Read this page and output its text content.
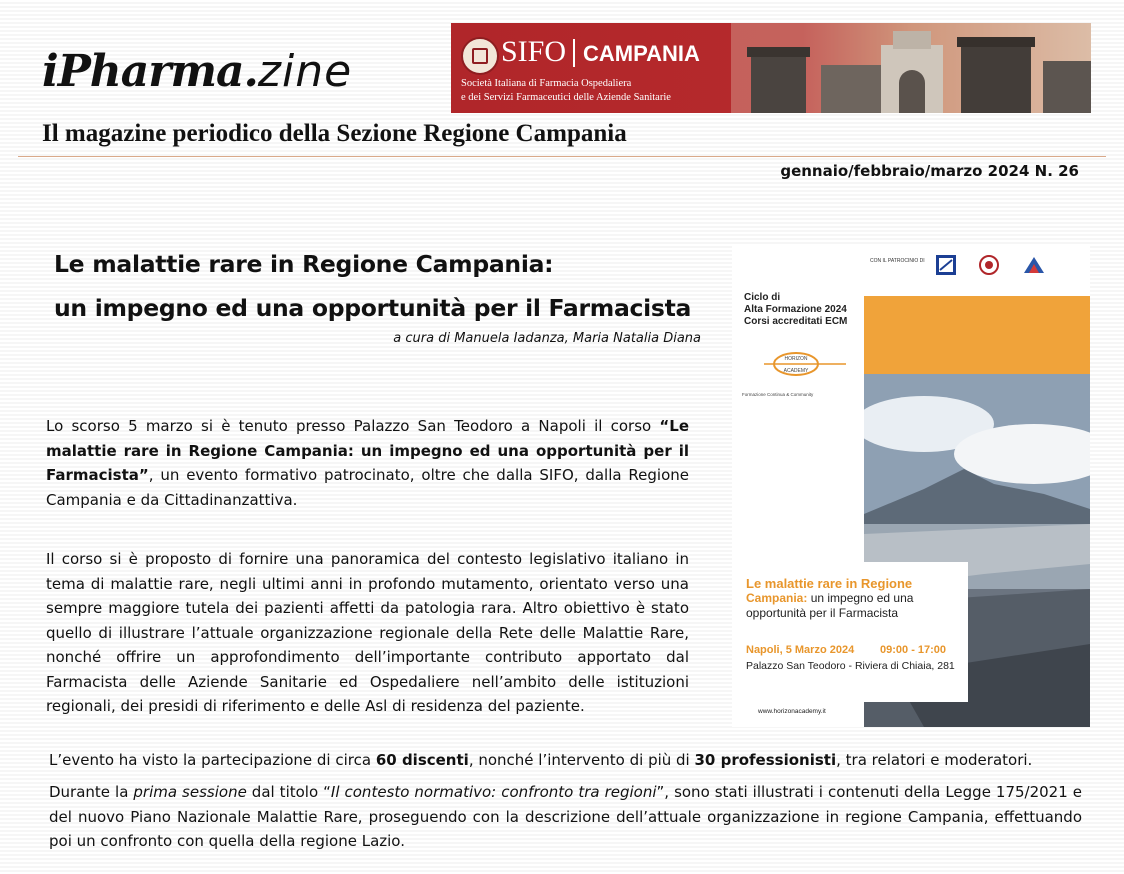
iPharma.zine	SIFO CAMPANIA
Società Italiana di Farmacia Ospedaliera
e dei Servizi Farmaceutici delle Aziende Sanitarie
Il magazine periodico della Sezione Regione Campania
gennaio/febbraio/marzo 2024 N. 26
Le malattie rare in Regione Campania:
un impegno ed una opportunità per il Farmacista
a cura di Manuela Iadanza, Maria Natalia Diana

Lo scorso 5 marzo si è tenuto presso Palazzo San Teodoro a Napoli il corso “Le malattie rare in Regione Campania: un impegno ed una opportunità per il Farmacista”, un evento formativo patrocinato, oltre che dalla SIFO, dalla Regione Campania e da Cittadinanzattiva.

Il corso si è proposto di fornire una panoramica del contesto legislativo italiano in tema di malattie rare, negli ultimi anni in profondo mutamento, orientato verso una sempre maggiore tutela dei pazienti affetti da patologia rara. Altro obiettivo è stato quello di illustrare l’attuale organizzazione regionale della Rete delle Malattie Rare, nonché offrire un approfondimento dell’importante contributo apportato dal Farmacista delle Aziende Sanitarie ed Ospedaliere nell’ambito delle istituzioni regionali, dei presidi di riferimento e delle Asl di residenza del paziente.

L’evento ha visto la partecipazione di circa 60 discenti, nonché l’intervento di più di 30 professionisti, tra relatori e moderatori.

Durante la prima sessione dal titolo “Il contesto normativo: confronto tra regioni”, sono stati illustrati i contenuti della Legge 175/2021 e del nuovo Piano Nazionale Malattie Rare, proseguendo con la descrizione dell’attuale organizzazione in regione Campania, effettuando poi un confronto con quella della regione Lazio.

CON IL PATROCINIO DI
Ciclo di
Alta Formazione 2024
Corsi accreditati ECM
HORIZON
ACADEMY
Formazione Continua & Community
Le malattie rare in Regione
Campania: un impegno ed una
opportunità per il Farmacista
Napoli, 5 Marzo 2024 09:00 - 17:00
Palazzo San Teodoro - Riviera di Chiaia, 281
www.horizonacademy.it
